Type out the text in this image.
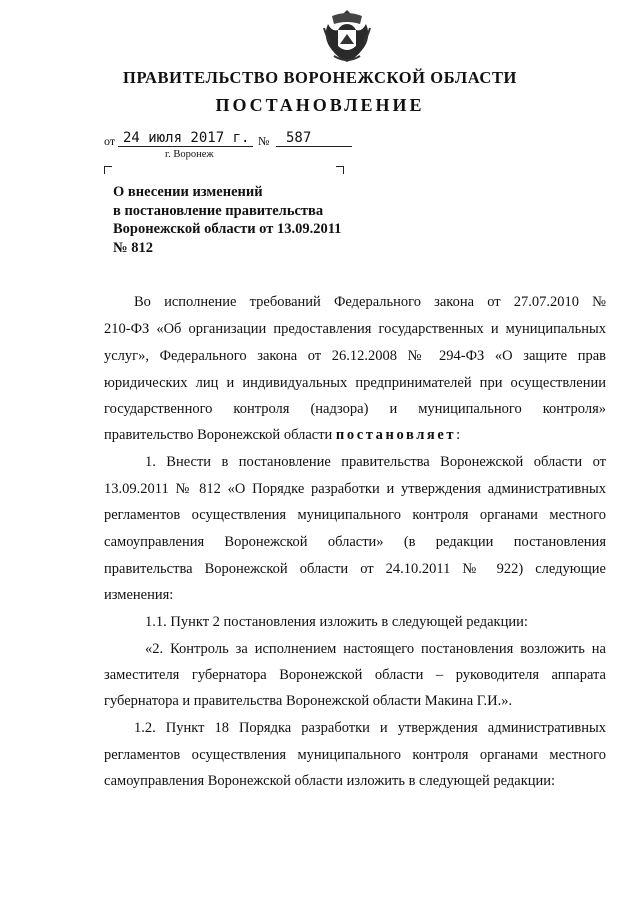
ПРАВИТЕЛЬСТВО ВОРОНЕЖСКОЙ ОБЛАСТИ
ПОСТАНОВЛЕНИЕ
от 24 июля 2017 г. №	587
г. Воронеж
О внесении изменений
в постановление правительства
Воронежской области от 13.09.2011
№ 812
Во исполнение требований Федерального закона от 27.07.2010 №
210-ФЗ «Об организации предоставления государственных и муниципальных
услуг», Федерального закона от 26.12.2008 № 294-ФЗ «О защите прав
юридических лиц и индивидуальных предпринимателей при осуществлении
государственного контроля (надзора) и муниципального контроля»
правительство Воронежской области постановляет:
1. Внести в постановление правительства Воронежской области от
13.09.2011 № 812 «О Порядке разработки и утверждения административных
регламентов осуществления муниципального контроля органами местного
самоуправления Воронежской области» (в редакции постановления
правительства Воронежской области от 24.10.2011 № 922) следующие
изменения:
1.1. Пункт 2 постановления изложить в следующей редакции:
«2. Контроль за исполнением настоящего постановления возложить на
заместителя губернатора Воронежской области – руководителя аппарата
губернатора и правительства Воронежской области Макина Г.И.».
1.2. Пункт 18 Порядка разработки и утверждения административных
регламентов осуществления муниципального контроля органами местного
самоуправления Воронежской области изложить в следующей редакции:
